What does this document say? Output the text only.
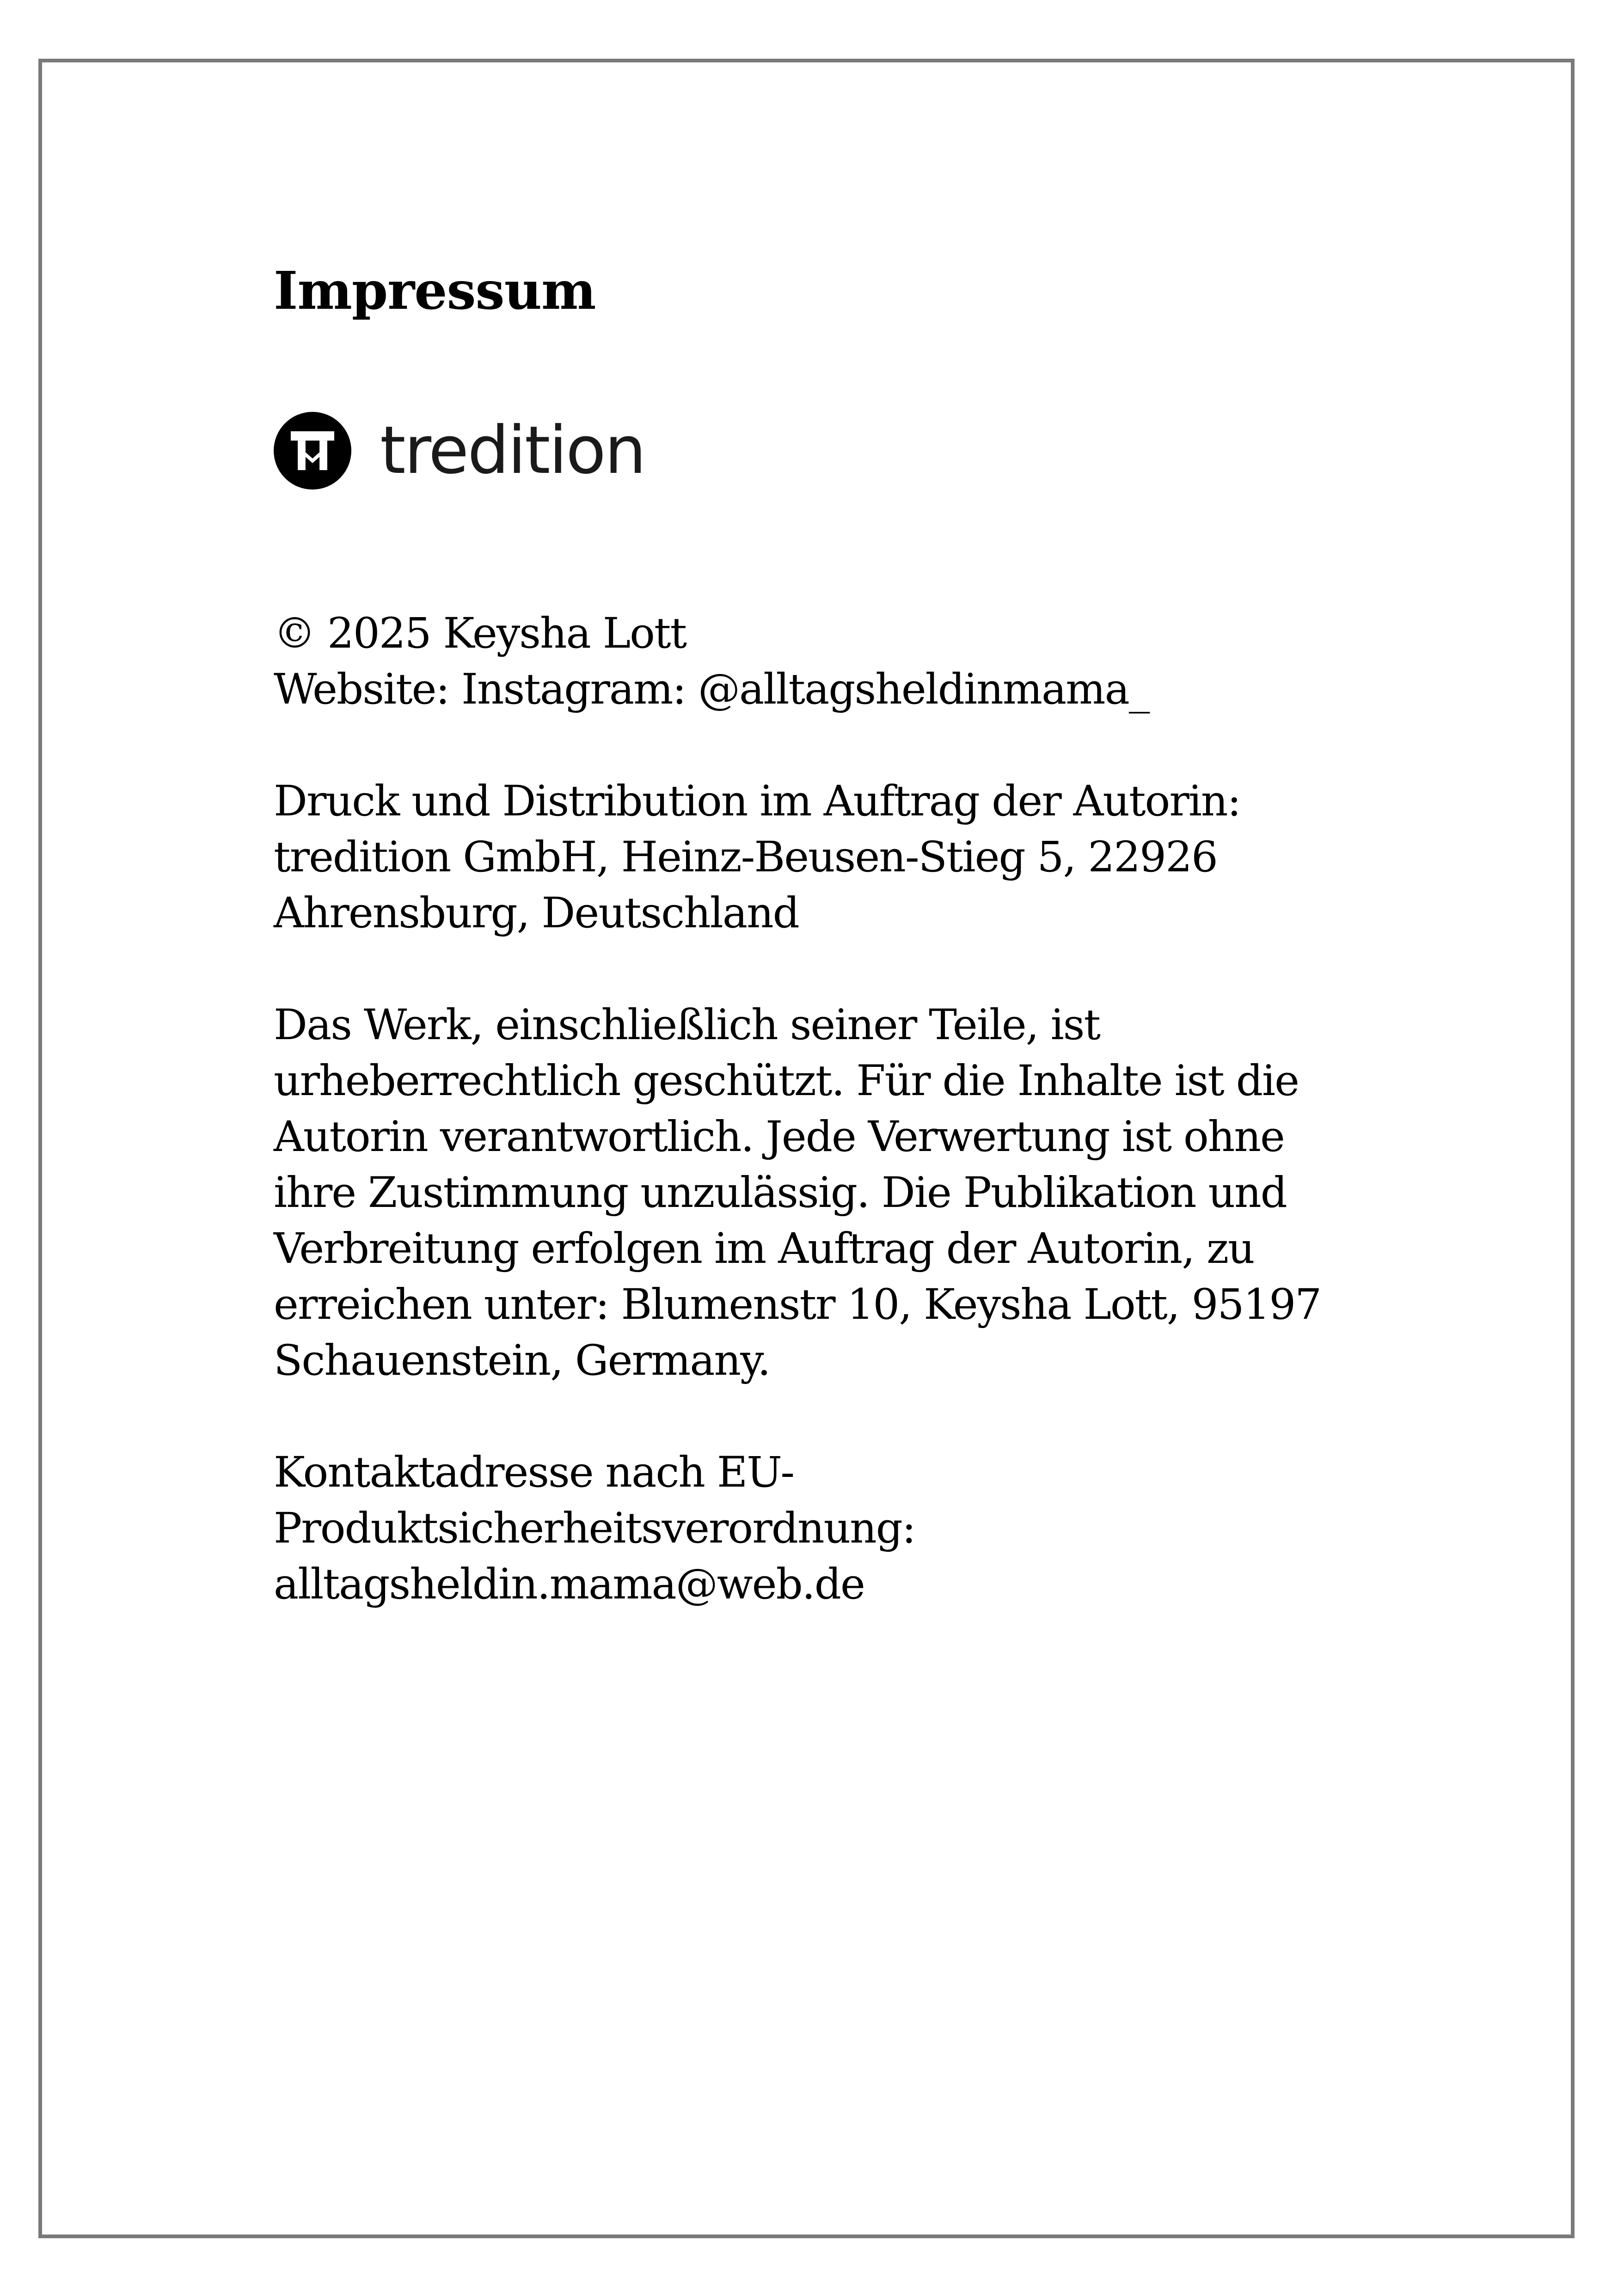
Impressum
tredition

© 2025 Keysha Lott
Website: Instagram: @alltagsheldinmama_

Druck und Distribution im Auftrag der Autorin:
tredition GmbH, Heinz-Beusen-Stieg 5, 22926
Ahrensburg, Deutschland

Das Werk, einschließlich seiner Teile, ist
urheberrechtlich geschützt. Für die Inhalte ist die
Autorin verantwortlich. Jede Verwertung ist ohne
ihre Zustimmung unzulässig. Die Publikation und
Verbreitung erfolgen im Auftrag der Autorin, zu
erreichen unter: Blumenstr 10, Keysha Lott, 95197
Schauenstein, Germany.

Kontaktadresse nach EU-
Produktsicherheitsverordnung:
alltagsheldin.mama@web.de
